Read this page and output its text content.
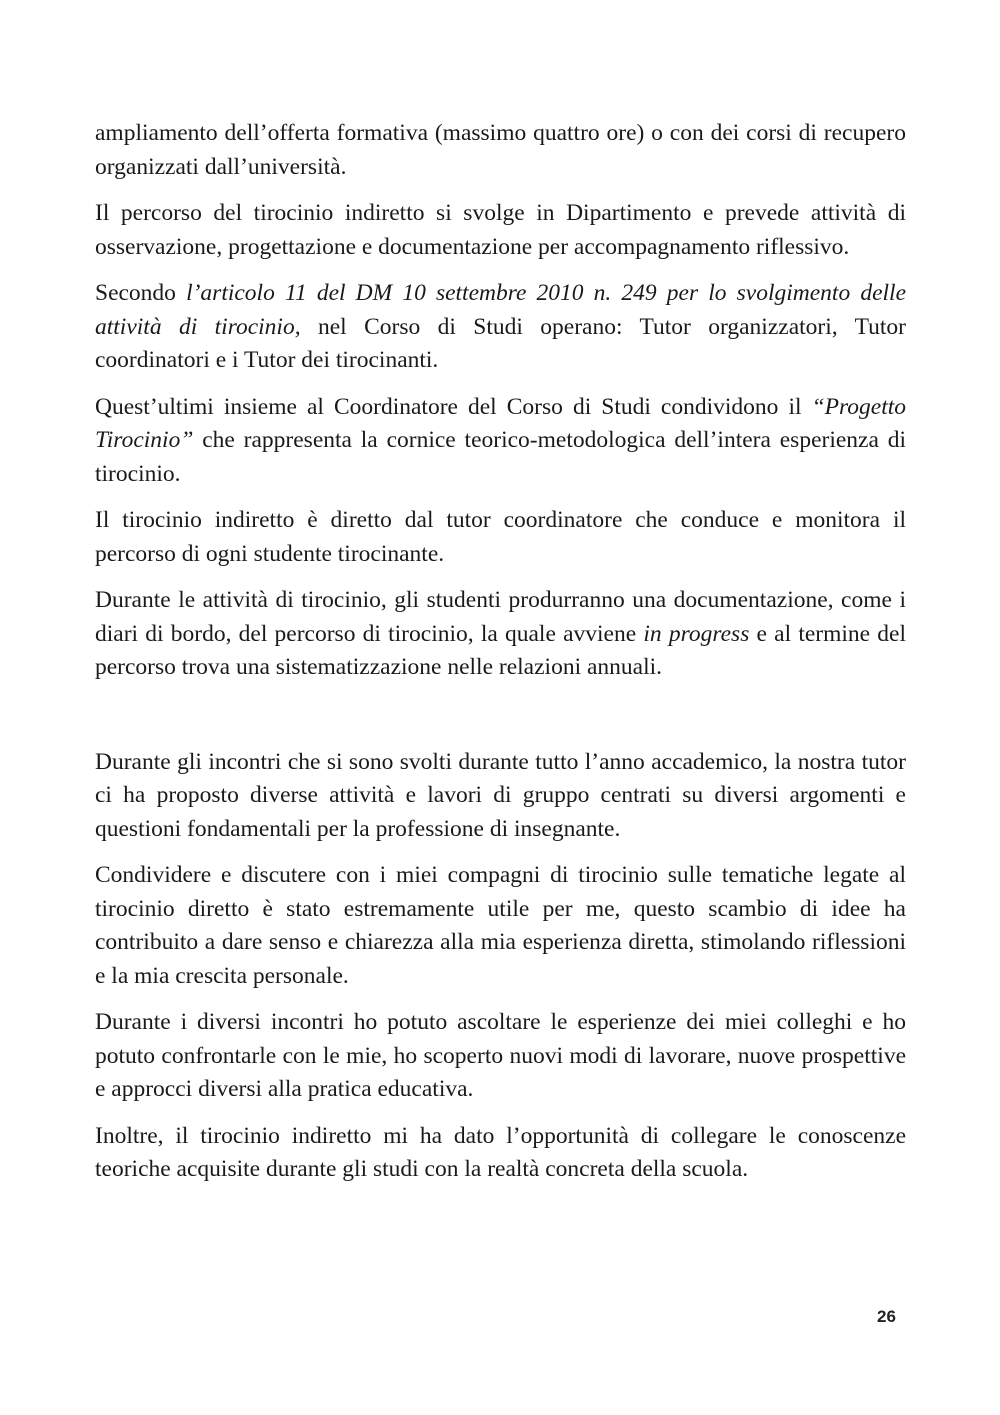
ampliamento dell’offerta formativa (massimo quattro ore) o con dei corsi di recupero organizzati dall’università.

Il percorso del tirocinio indiretto si svolge in Dipartimento e prevede attività di osservazione, progettazione e documentazione per accompagnamento riflessivo.

Secondo l’articolo 11 del DM 10 settembre 2010 n. 249 per lo svolgimento delle attività di tirocinio, nel Corso di Studi operano: Tutor organizzatori, Tutor coordinatori e i Tutor dei tirocinanti.

Quest’ultimi insieme al Coordinatore del Corso di Studi condividono il “Progetto Tirocinio” che rappresenta la cornice teorico-metodologica dell’intera esperienza di tirocinio.

Il tirocinio indiretto è diretto dal tutor coordinatore che conduce e monitora il percorso di ogni studente tirocinante.

Durante le attività di tirocinio, gli studenti produrranno una documentazione, come i diari di bordo, del percorso di tirocinio, la quale avviene in progress e al termine del percorso trova una sistematizzazione nelle relazioni annuali.

Durante gli incontri che si sono svolti durante tutto l’anno accademico, la nostra tutor ci ha proposto diverse attività e lavori di gruppo centrati su diversi argomenti e questioni fondamentali per la professione di insegnante.

Condividere e discutere con i miei compagni di tirocinio sulle tematiche legate al tirocinio diretto è stato estremamente utile per me, questo scambio di idee ha contribuito a dare senso e chiarezza alla mia esperienza diretta, stimolando riflessioni e la mia crescita personale.

Durante i diversi incontri ho potuto ascoltare le esperienze dei miei colleghi e ho potuto confrontarle con le mie, ho scoperto nuovi modi di lavorare, nuove prospettive e approcci diversi alla pratica educativa.

Inoltre, il tirocinio indiretto mi ha dato l’opportunità di collegare le conoscenze teoriche acquisite durante gli studi con la realtà concreta della scuola.

26
